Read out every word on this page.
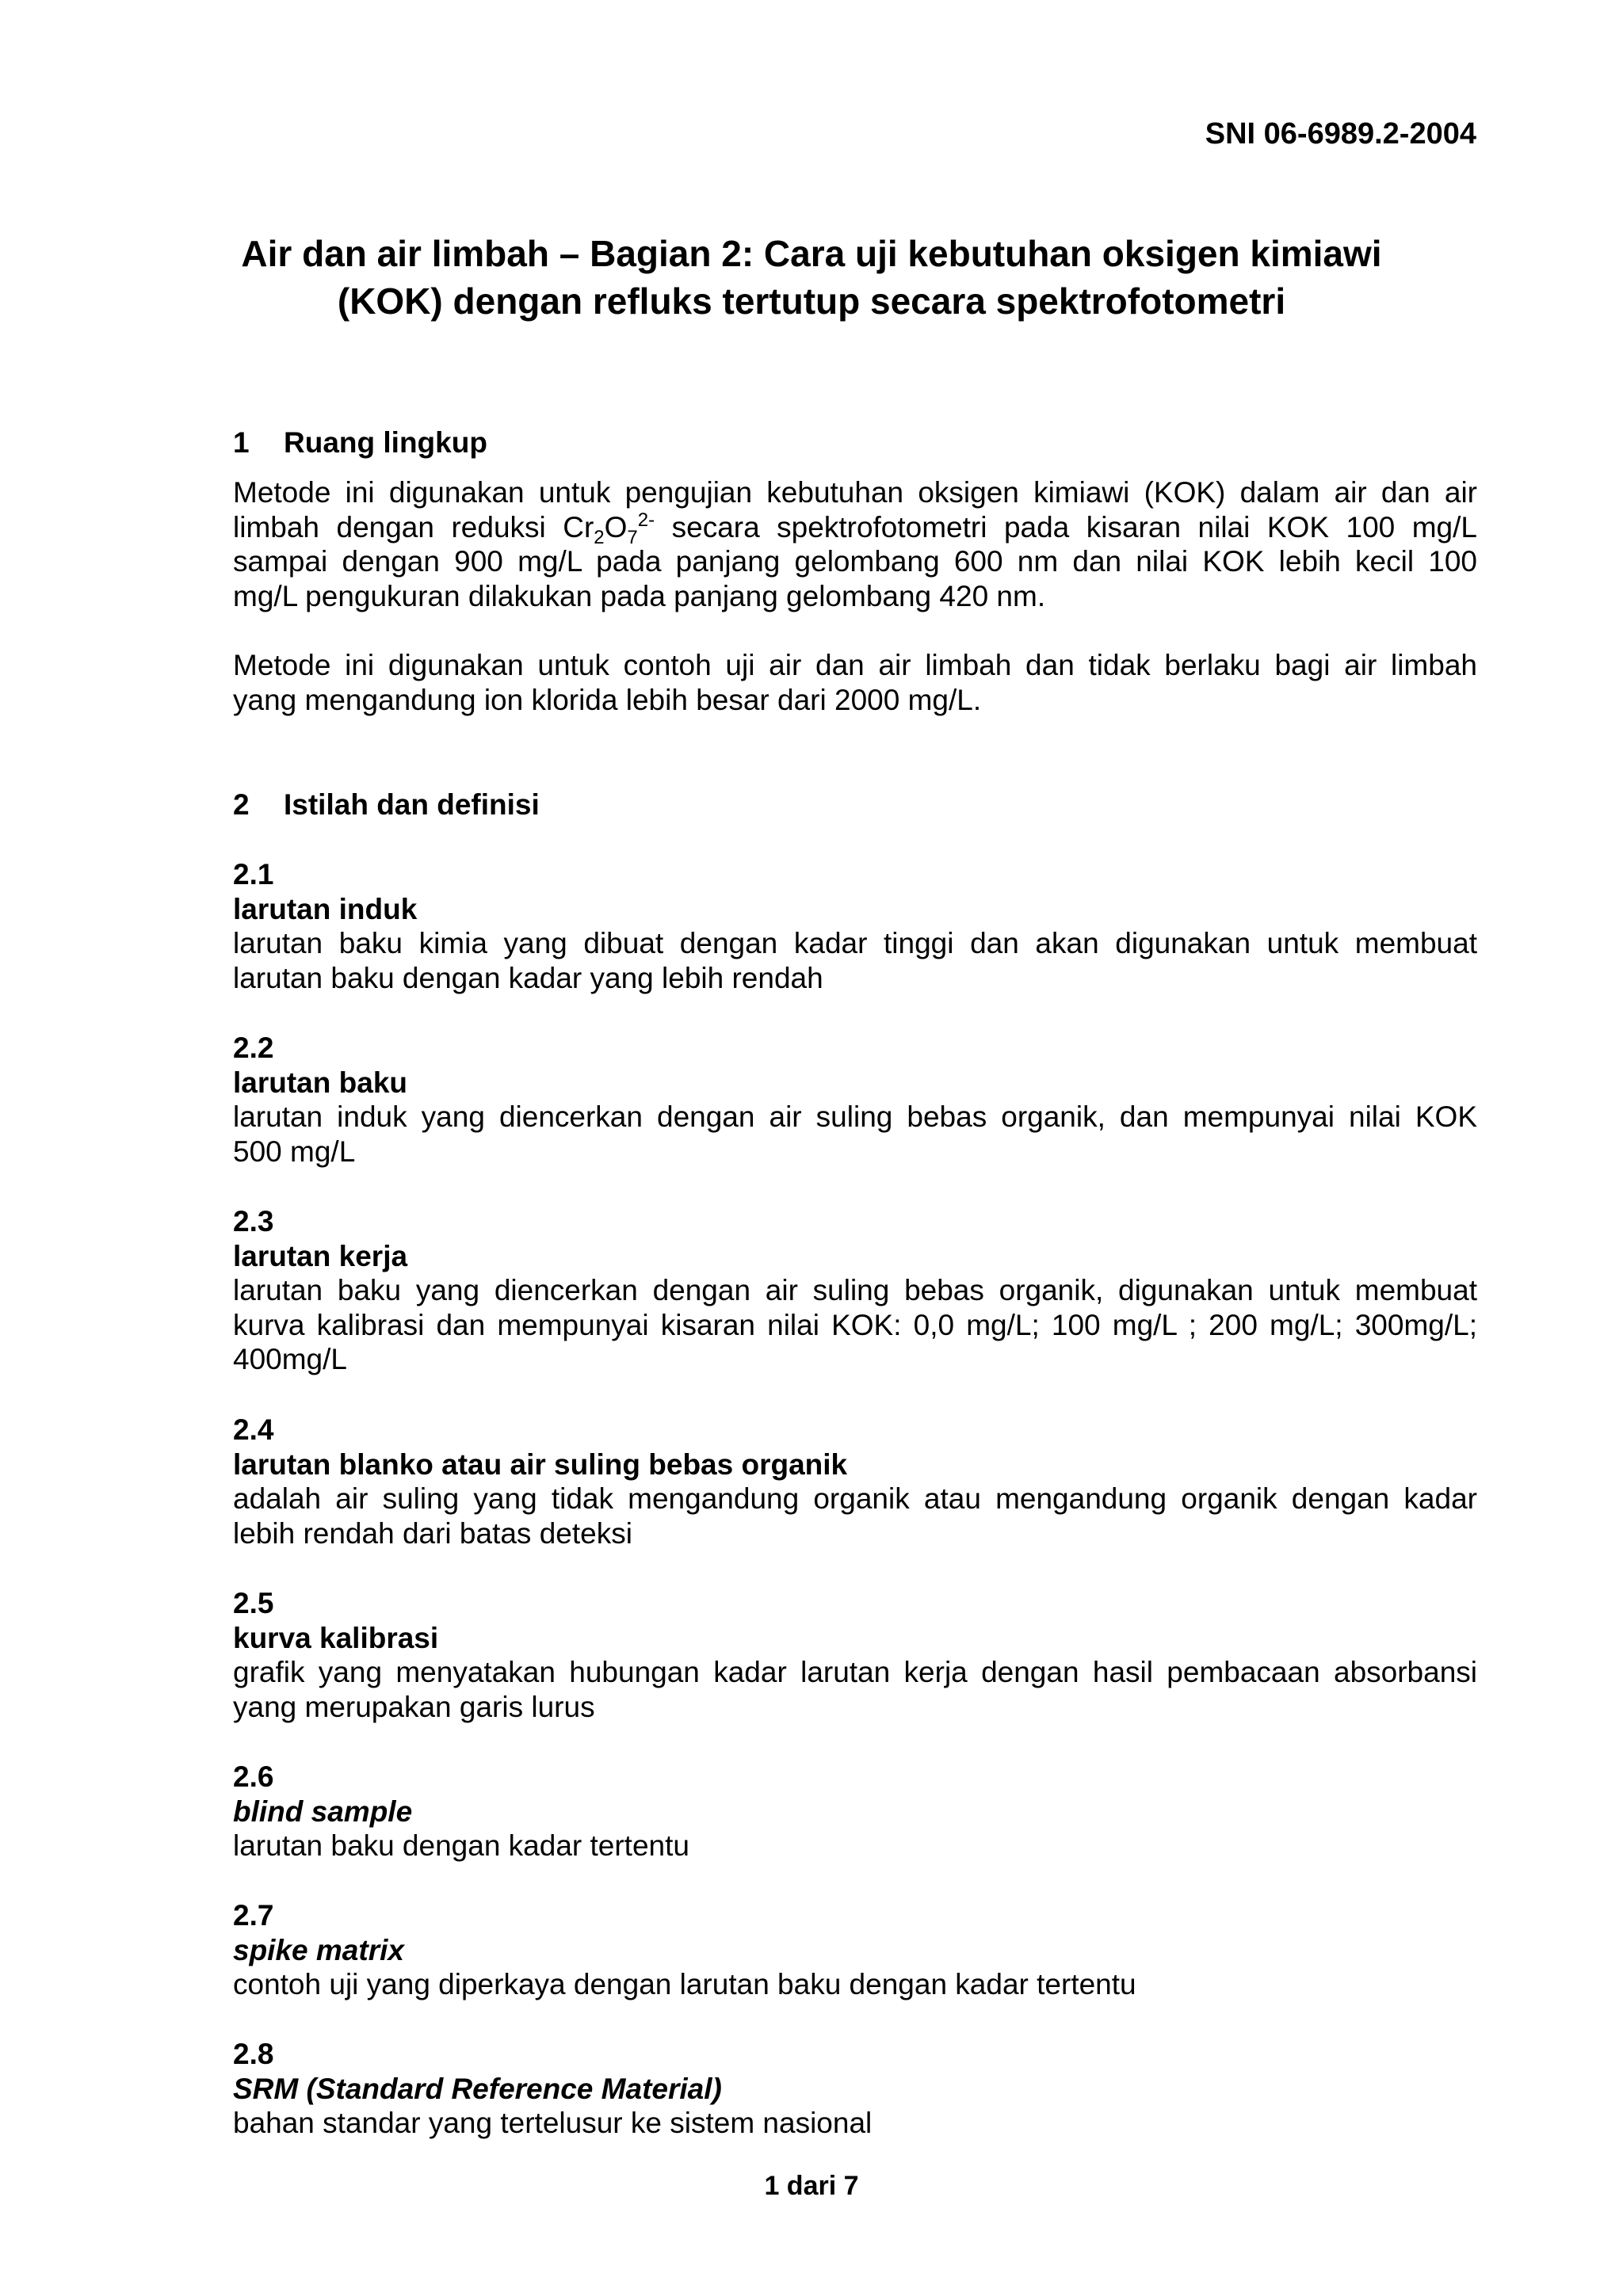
SNI 06-6989.2-2004
Air dan air limbah – Bagian 2: Cara uji kebutuhan oksigen kimiawi
(KOK) dengan refluks tertutup secara spektrofotometri
1 Ruang lingkup

Metode ini digunakan untuk pengujian kebutuhan oksigen kimiawi (KOK) dalam air dan air
limbah dengan reduksi $Cr_2O_7^{2-}$ secara spektrofotometri pada kisaran nilai KOK 100 mg/L
sampai dengan 900 mg/L pada panjang gelombang 600 nm dan nilai KOK lebih kecil 100
mg/L pengukuran dilakukan pada panjang gelombang 420 nm.

Metode ini digunakan untuk contoh uji air dan air limbah dan tidak berlaku bagi air limbah
yang mengandung ion klorida lebih besar dari 2000 mg/L.

2 Istilah dan definisi
2.1
larutan induk
larutan baku kimia yang dibuat dengan kadar tinggi dan akan digunakan untuk membuat
larutan baku dengan kadar yang lebih rendah
2.2
larutan baku
larutan induk yang diencerkan dengan air suling bebas organik, dan mempunyai nilai KOK
500 mg/L
2.3
larutan kerja
larutan baku yang diencerkan dengan air suling bebas organik, digunakan untuk membuat
kurva kalibrasi dan mempunyai kisaran nilai KOK: 0,0 mg/L; 100 mg/L ; 200 mg/L; 300mg/L;
400mg/L
2.4
larutan blanko atau air suling bebas organik
adalah air suling yang tidak mengandung organik atau mengandung organik dengan kadar
lebih rendah dari batas deteksi
2.5
kurva kalibrasi
grafik yang menyatakan hubungan kadar larutan kerja dengan hasil pembacaan absorbansi
yang merupakan garis lurus
2.6
blind sample
larutan baku dengan kadar tertentu
2.7
spike matrix
contoh uji yang diperkaya dengan larutan baku dengan kadar tertentu
2.8
SRM (Standard Reference Material)
bahan standar yang tertelusur ke sistem nasional
1 dari 7
